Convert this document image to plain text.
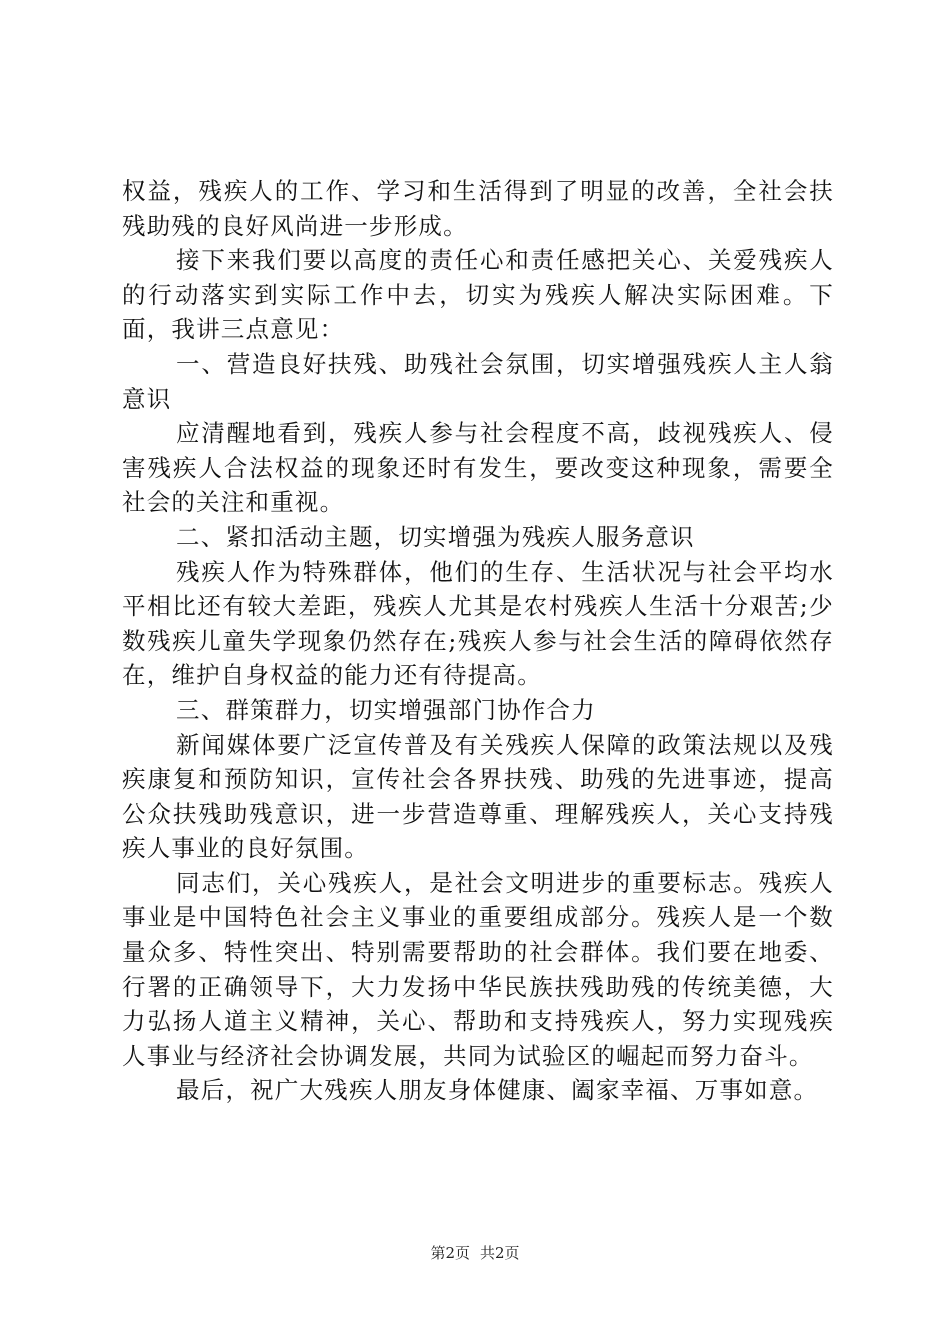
权益，残疾人的工作、学习和生活得到了明显的改善，全社会扶残助残的良好风尚进一步形成。

接下来我们要以高度的责任心和责任感把关心、关爱残疾人的行动落实到实际工作中去，切实为残疾人解决实际困难。下面，我讲三点意见：

一、营造良好扶残、助残社会氛围，切实增强残疾人主人翁意识

应清醒地看到，残疾人参与社会程度不高，歧视残疾人、侵害残疾人合法权益的现象还时有发生，要改变这种现象，需要全社会的关注和重视。

二、紧扣活动主题，切实增强为残疾人服务意识

残疾人作为特殊群体，他们的生存、生活状况与社会平均水平相比还有较大差距，残疾人尤其是农村残疾人生活十分艰苦;少数残疾儿童失学现象仍然存在;残疾人参与社会生活的障碍依然存在，维护自身权益的能力还有待提高。

三、群策群力，切实增强部门协作合力

新闻媒体要广泛宣传普及有关残疾人保障的政策法规以及残疾康复和预防知识，宣传社会各界扶残、助残的先进事迹，提高公众扶残助残意识，进一步营造尊重、理解残疾人，关心支持残疾人事业的良好氛围。

同志们，关心残疾人，是社会文明进步的重要标志。残疾人事业是中国特色社会主义事业的重要组成部分。残疾人是一个数量众多、特性突出、特别需要帮助的社会群体。我们要在地委、行署的正确领导下，大力发扬中华民族扶残助残的传统美德，大力弘扬人道主义精神，关心、帮助和支持残疾人，努力实现残疾人事业与经济社会协调发展，共同为试验区的崛起而努力奋斗。

最后，祝广大残疾人朋友身体健康、阖家幸福、万事如意。

第2页 共2页
